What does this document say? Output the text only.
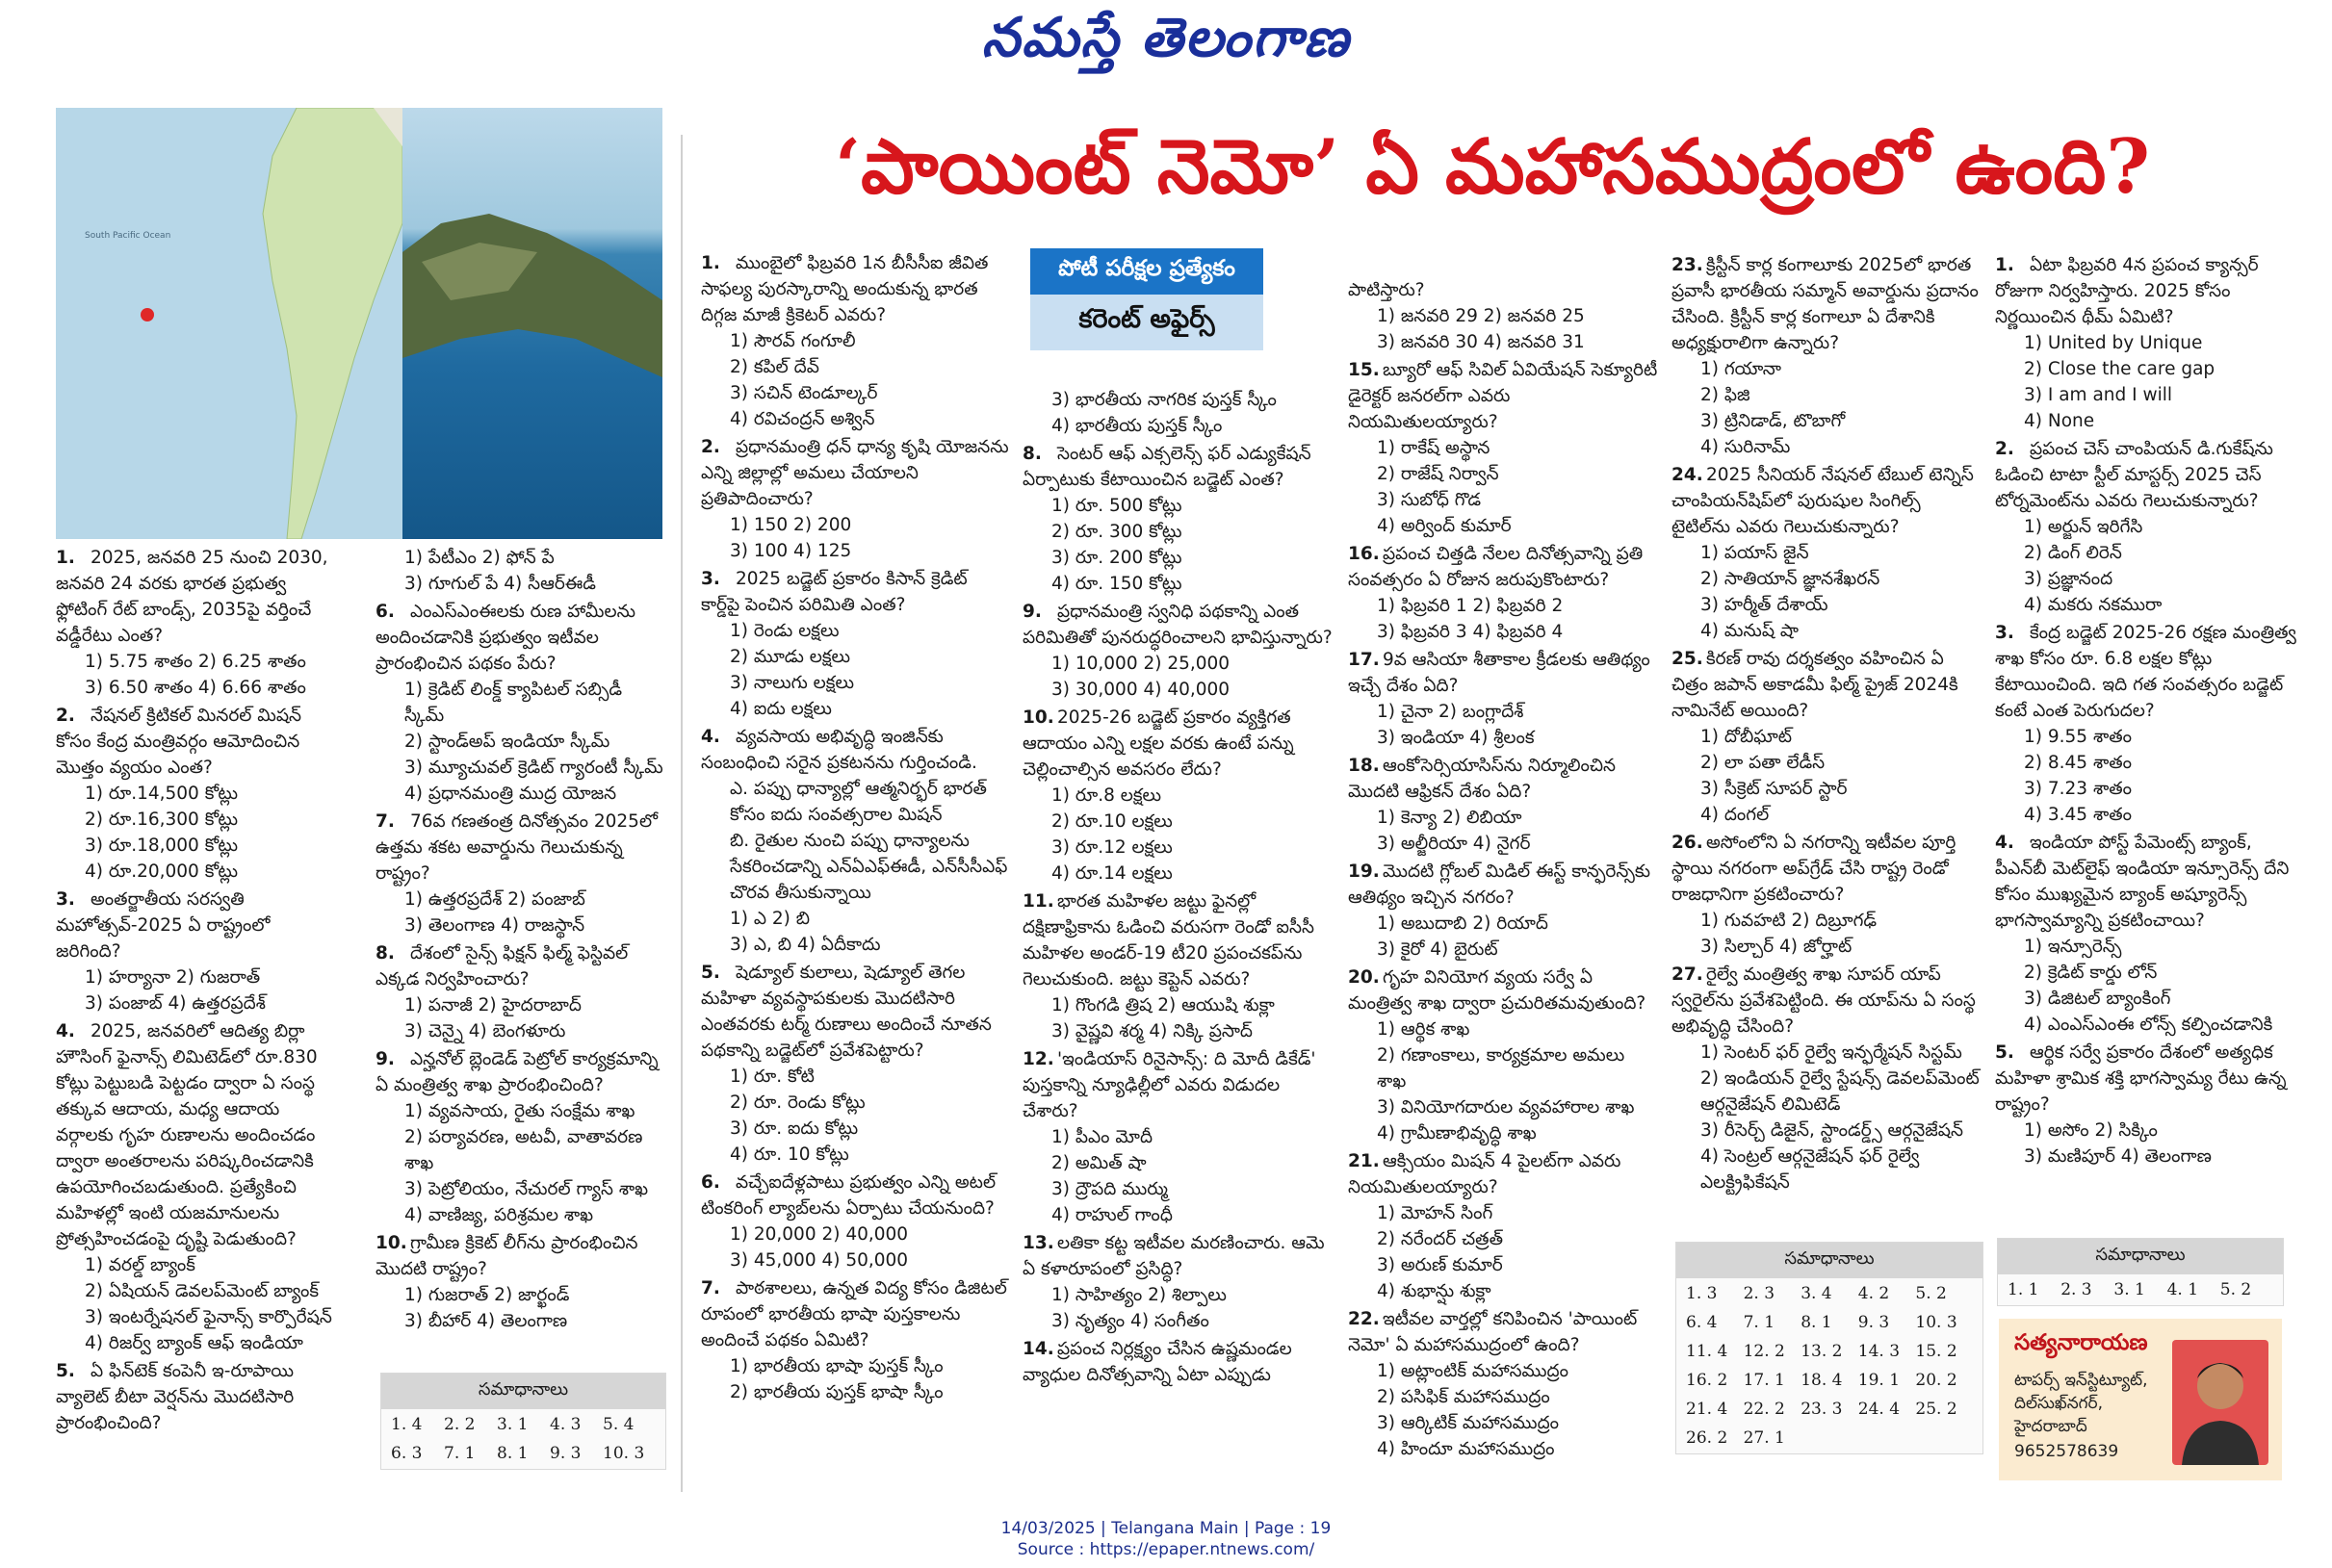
నమస్తే తెలంగాణ
South Pacific Ocean
‘పాయింట్ నెమో’ ఏ మహాసముద్రంలో ఉంది?
పోటీ పరీక్షల ప్రత్యేకం
కరెంట్ అఫైర్స్
1. 2025, జనవరి 25 నుంచి 2030, జనవరి 24 వరకు భారత ప్రభుత్వ ఫ్లోటింగ్ రేట్ బాండ్స్, 2035పై వర్తించే వడ్డీరేటు ఎంత?
1) 5.75 శాతం 2) 6.25 శాతం
3) 6.50 శాతం 4) 6.66 శాతం
2. నేషనల్ క్రిటికల్ మినరల్ మిషన్ కోసం కేంద్ర మంత్రివర్గం ఆమోదించిన మొత్తం వ్యయం ఎంత?
1) రూ.14,500 కోట్లు
2) రూ.16,300 కోట్లు
3) రూ.18,000 కోట్లు
4) రూ.20,000 కోట్లు
3. అంతర్జాతీయ సరస్వతి మహోత్సవ్-2025 ఏ రాష్ట్రంలో జరిగింది?
1) హర్యానా 2) గుజరాత్
3) పంజాబ్ 4) ఉత్తరప్రదేశ్
4. 2025, జనవరిలో ఆదిత్య బిర్లా హౌసింగ్ ఫైనాన్స్ లిమిటెడ్‌లో రూ.830 కోట్లు పెట్టుబడి పెట్టడం ద్వారా ఏ సంస్థ తక్కువ ఆదాయ, మధ్య ఆదాయ వర్గాలకు గృహ రుణాలను అందించడం ద్వారా అంతరాలను పరిష్కరించడానికి ఉపయోగించబడుతుంది. ప్రత్యేకించి మహిళల్లో ఇంటి యజమానులను ప్రోత్సహించడంపై దృష్టి పెడుతుంది?
1) వరల్డ్ బ్యాంక్
2) ఏషియన్ డెవలప్‌మెంట్ బ్యాంక్
3) ఇంటర్నేషనల్ ఫైనాన్స్ కార్పొరేషన్
4) రిజర్వ్ బ్యాంక్ ఆఫ్ ఇండియా
5. ఏ ఫిన్‌టెక్ కంపెనీ ఇ-రూపాయి వ్యాలెట్ బీటా వెర్షన్‌ను మొదటిసారి ప్రారంభించింది?
1) పేటీఎం 2) ఫోన్ పే
3) గూగుల్ పే 4) సీఆర్ఈడీ
6. ఎంఎస్ఎంఈలకు రుణ హామీలను అందించడానికి ప్రభుత్వం ఇటీవల ప్రారంభించిన పథకం పేరు?
1) క్రెడిట్ లింక్డ్ క్యాపిటల్ సబ్సిడీ స్కీమ్
2) స్టాండ్అప్ ఇండియా స్కీమ్
3) మ్యూచువల్ క్రెడిట్ గ్యారంటీ స్కీమ్
4) ప్రధానమంత్రి ముద్ర యోజన
7. 76వ గణతంత్ర దినోత్సవం 2025లో ఉత్తమ శకట అవార్డును గెలుచుకున్న రాష్ట్రం?
1) ఉత్తరప్రదేశ్ 2) పంజాబ్
3) తెలంగాణ 4) రాజస్థాన్
8. దేశంలో సైన్స్ ఫిక్షన్ ఫిల్మ్ ఫెస్టివల్ ఎక్కడ నిర్వహించారు?
1) పనాజీ 2) హైదరాబాద్
3) చెన్నై 4) బెంగళూరు
9. ఎన్హనోల్ బ్లెండెడ్ పెట్రోల్ కార్యక్రమాన్ని ఏ మంత్రిత్వ శాఖ ప్రారంభించింది?
1) వ్యవసాయ, రైతు సంక్షేమ శాఖ
2) పర్యావరణ, అటవీ, వాతావరణ శాఖ
3) పెట్రోలియం, నేచురల్ గ్యాస్ శాఖ
4) వాణిజ్య, పరిశ్రమల శాఖ
10. గ్రామీణ క్రికెట్ లీగ్‌ను ప్రారంభించిన మొదటి రాష్ట్రం?
1) గుజరాత్ 2) జార్ఖండ్
3) బీహార్ 4) తెలంగాణ
1. ముంబైలో ఫిబ్రవరి 1న బీసీసీఐ జీవిత సాఫల్య పురస్కారాన్ని అందుకున్న భారత దిగ్గజ మాజీ క్రికెటర్ ఎవరు?
1) సౌరవ్ గంగూలీ
2) కపిల్ దేవ్
3) సచిన్ టెండూల్కర్
4) రవిచంద్రన్ అశ్విన్
2. ప్రధానమంత్రి ధన్ ధాన్య కృషి యోజనను ఎన్ని జిల్లాల్లో అమలు చేయాలని ప్రతిపాదించారు?
1) 150 2) 200
3) 100 4) 125
3. 2025 బడ్జెట్ ప్రకారం కిసాన్ క్రెడిట్ కార్డ్‌పై పెంచిన పరిమితి ఎంత?
1) రెండు లక్షలు
2) మూడు లక్షలు
3) నాలుగు లక్షలు
4) ఐదు లక్షలు
4. వ్యవసాయ అభివృద్ధి ఇంజిన్‌కు సంబంధించి సరైన ప్రకటనను గుర్తించండి.
ఎ. పప్పు ధాన్యాల్లో ఆత్మనిర్భర్ భారత్ కోసం ఐదు సంవత్సరాల మిషన్
బి. రైతుల నుంచి పప్పు ధాన్యాలను సేకరించడాన్ని ఎన్ఏఎఫ్ఈడీ, ఎన్‌సీసీఎఫ్ చొరవ తీసుకున్నాయి
1) ఎ 2) బి
3) ఎ, బి 4) ఏదీకాదు
5. షెడ్యూల్ కులాలు, షెడ్యూల్ తెగల మహిళా వ్యవస్థాపకులకు మొదటిసారి ఎంతవరకు టర్మ్ రుణాలు అందించే నూతన పథకాన్ని బడ్జెట్‌లో ప్రవేశపెట్టారు?
1) రూ. కోటి
2) రూ. రెండు కోట్లు
3) రూ. ఐదు కోట్లు
4) రూ. 10 కోట్లు
6. వచ్చేఐదేళ్లపాటు ప్రభుత్వం ఎన్ని అటల్ టింకరింగ్ ల్యాబ్‌లను ఏర్పాటు చేయనుంది?
1) 20,000 2) 40,000
3) 45,000 4) 50,000
7. పాఠశాలలు, ఉన్నత విద్య కోసం డిజిటల్ రూపంలో భారతీయ భాషా పుస్తకాలను అందించే పథకం ఏమిటి?
1) భారతీయ భాషా పుస్తక్ స్కీం
2) భారతీయ పుస్తక్ భాషా స్కీం
3) భారతీయ నాగరిక పుస్తక్ స్కీం
4) భారతీయ పుస్తక్ స్కీం
8. సెంటర్ ఆఫ్ ఎక్సలెన్స్ ఫర్ ఎడ్యుకేషన్ ఏర్పాటుకు కేటాయించిన బడ్జెట్ ఎంత?
1) రూ. 500 కోట్లు
2) రూ. 300 కోట్లు
3) రూ. 200 కోట్లు
4) రూ. 150 కోట్లు
9. ప్రధానమంత్రి స్వనిధి పథకాన్ని ఎంత పరిమితితో పునరుద్ధరించాలని భావిస్తున్నారు?
1) 10,000 2) 25,000
3) 30,000 4) 40,000
10. 2025-26 బడ్జెట్ ప్రకారం వ్యక్తిగత ఆదాయం ఎన్ని లక్షల వరకు ఉంటే పన్ను చెల్లించాల్సిన అవసరం లేదు?
1) రూ.8 లక్షలు
2) రూ.10 లక్షలు
3) రూ.12 లక్షలు
4) రూ.14 లక్షలు
11. భారత మహిళల జట్టు ఫైనల్లో దక్షిణాఫ్రికాను ఓడించి వరుసగా రెండో ఐసీసీ మహిళల అండర్-19 టీ20 ప్రపంచకప్‌ను గెలుచుకుంది. జట్టు కెప్టెన్ ఎవరు?
1) గొంగడి త్రిష 2) ఆయుషి శుక్లా
3) వైష్ణవి శర్మ 4) నిక్కి ప్రసాద్
12. 'ఇండియాస్ రినైసాన్స్: ది మోదీ డికేడ్' పుస్తకాన్ని న్యూఢిల్లీలో ఎవరు విడుదల చేశారు?
1) పీఎం మోదీ
2) అమిత్ షా
3) ద్రౌపది ముర్ము
4) రాహుల్ గాంధీ
13. లతికా కట్ట ఇటీవల మరణించారు. ఆమె ఏ కళారూపంలో ప్రసిద్ధి?
1) సాహిత్యం 2) శిల్పాలు
3) నృత్యం 4) సంగీతం
14. ప్రపంచ నిర్లక్ష్యం చేసిన ఉష్ణమండల వ్యాధుల దినోత్సవాన్ని ఏటా ఎప్పుడు
పాటిస్తారు?
1) జనవరి 29 2) జనవరి 25
3) జనవరి 30 4) జనవరి 31
15. బ్యూరో ఆఫ్ సివిల్ ఏవియేషన్ సెక్యూరిటీ డైరెక్టర్ జనరల్‌గా ఎవరు నియమితులయ్యారు?
1) రాకేష్ అస్థాన
2) రాజేష్ నిర్వాన్
3) సుబోధ్ గొడ
4) అర్వింద్ కుమార్
16. ప్రపంచ చిత్తడి నేలల దినోత్సవాన్ని ప్రతి సంవత్సరం ఏ రోజున జరుపుకొంటారు?
1) ఫిబ్రవరి 1 2) ఫిబ్రవరి 2
3) ఫిబ్రవరి 3 4) ఫిబ్రవరి 4
17. 9వ ఆసియా శీతాకాల క్రీడలకు ఆతిథ్యం ఇచ్చే దేశం ఏది?
1) చైనా 2) బంగ్లాదేశ్
3) ఇండియా 4) శ్రీలంక
18. ఆంకోసెర్సియాసిస్‌ను నిర్మూలించిన మొదటి ఆఫ్రికన్ దేశం ఏది?
1) కెన్యా 2) లిబియా
3) అల్జీరియా 4) నైగర్
19. మొదటి గ్లోబల్ మిడిల్ ఈస్ట్ కాన్ఫరెన్స్‌కు ఆతిథ్యం ఇచ్చిన నగరం?
1) అబుదాబి 2) రియాద్
3) కైరో 4) బైరుట్
20. గృహ వినియోగ వ్యయ సర్వే ఏ మంత్రిత్వ శాఖ ద్వారా ప్రచురితమవుతుంది?
1) ఆర్థిక శాఖ
2) గణాంకాలు, కార్యక్రమాల అమలు శాఖ
3) వినియోగదారుల వ్యవహారాల శాఖ
4) గ్రామీణాభివృద్ధి శాఖ
21. ఆక్సియం మిషన్ 4 పైలట్‌గా ఎవరు నియమితులయ్యారు?
1) మోహన్ సింగ్
2) నరేందర్ చత్రత్
3) అరుణ్ కుమార్
4) శుభాన్షు శుక్లా
22. ఇటీవల వార్తల్లో కనిపించిన 'పాయింట్ నెమో' ఏ మహాసముద్రంలో ఉంది?
1) అట్లాంటిక్ మహాసముద్రం
2) పసిఫిక్ మహాసముద్రం
3) ఆర్కిటిక్ మహాసముద్రం
4) హిందూ మహాసముద్రం
23. క్రిస్టీన్ కార్ల కంగాలూకు 2025లో భారత ప్రవాసీ భారతీయ సమ్మాన్ అవార్డును ప్రదానం చేసింది. క్రిస్టీన్ కార్ల కంగాలూ ఏ దేశానికి అధ్యక్షురాలిగా ఉన్నారు?
1) గయానా
2) ఫిజి
3) ట్రినిడాడ్, టొబాగో
4) సురినామ్
24. 2025 సీనియర్ నేషనల్ టేబుల్ టెన్నిస్ చాంపియన్‌షిప్‌లో పురుషుల సింగిల్స్ టైటిల్‌ను ఎవరు గెలుచుకున్నారు?
1) పయాస్ జైన్
2) సాతియాన్ జ్ఞానశేఖరన్
3) హర్మీత్ దేశాయ్
4) మనుష్ షా
25. కిరణ్ రావు దర్శకత్వం వహించిన ఏ చిత్రం జపాన్ అకాడమీ ఫిల్మ్ ప్రైజ్ 2024కి నామినేట్ అయింది?
1) దోబీఘాట్
2) లా పతా లేడీస్
3) సీక్రెట్ సూపర్ స్టార్
4) దంగల్
26. అసోంలోని ఏ నగరాన్ని ఇటీవల పూర్తి స్థాయి నగరంగా అప్‌గ్రేడ్ చేసి రాష్ట్ర రెండో రాజధానిగా ప్రకటించారు?
1) గువహటి 2) దిబ్రూగఢ్
3) సిల్చార్ 4) జోర్హాట్
27. రైల్వే మంత్రిత్వ శాఖ సూపర్ యాప్ స్వరైల్‌ను ప్రవేశపెట్టింది. ఈ యాప్‌ను ఏ సంస్థ అభివృద్ధి చేసింది?
1) సెంటర్ ఫర్ రైల్వే ఇన్ఫర్మేషన్ సిస్టమ్
2) ఇండియన్ రైల్వే స్టేషన్స్ డెవలప్‌మెంట్ ఆర్గనైజేషన్ లిమిటెడ్
3) రీసెర్చ్ డిజైన్, స్టాండర్డ్స్ ఆర్గనైజేషన్
4) సెంట్రల్ ఆర్గనైజేషన్ ఫర్ రైల్వే ఎలక్ట్రిఫికేషన్
1. ఏటా ఫిబ్రవరి 4న ప్రపంచ క్యాన్సర్ రోజుగా నిర్వహిస్తారు. 2025 కోసం నిర్ణయించిన థీమ్ ఏమిటి?
1) United by Unique
2) Close the care gap
3) I am and I will
4) None
2. ప్రపంచ చెస్ చాంపియన్ డి.గుకేష్‌ను ఓడించి టాటా స్టీల్ మాస్టర్స్ 2025 చెస్ టోర్నమెంట్‌ను ఎవరు గెలుచుకున్నారు?
1) అర్జున్ ఇరిగేసి
2) డింగ్ లిరెన్
3) ప్రజ్ఞానంద
4) మకరు నకమురా
3. కేంద్ర బడ్జెట్ 2025-26 రక్షణ మంత్రిత్వ శాఖ కోసం రూ. 6.8 లక్షల కోట్లు కేటాయించింది. ఇది గత సంవత్సరం బడ్జెట్ కంటే ఎంత పెరుగుదల?
1) 9.55 శాతం
2) 8.45 శాతం
3) 7.23 శాతం
4) 3.45 శాతం
4. ఇండియా పోస్ట్ పేమెంట్స్ బ్యాంక్, పీఎన్‌బీ మెట్‌లైఫ్ ఇండియా ఇన్సూరెన్స్ దేని కోసం ముఖ్యమైన బ్యాంక్ అష్యూరెన్స్ భాగస్వామ్యాన్ని ప్రకటించాయి?
1) ఇన్సూరెన్స్
2) క్రెడిట్ కార్డు లోన్
3) డిజిటల్ బ్యాంకింగ్
4) ఎంఎస్ఎంఈ లోన్స్ కల్పించడానికి
5. ఆర్థిక సర్వే ప్రకారం దేశంలో అత్యధిక మహిళా శ్రామిక శక్తి భాగస్వామ్య రేటు ఉన్న రాష్ట్రం?
1) అసోం 2) సిక్కిం
3) మణిపూర్ 4) తెలంగాణ
సమాధానాలు
1. 4	2. 2	3. 1	4. 3	5. 4
6. 3	7. 1	8. 1	9. 3	10. 3
సమాధానాలు
1. 3	2. 3	3. 4	4. 2	5. 2
6. 4	7. 1	8. 1	9. 3	10. 3
11. 4 12. 2 13. 2 14. 3 15. 2
16. 2 17. 1 18. 4 19. 1 20. 2
21. 4 22. 2 23. 3 24. 4 25. 2
26. 2 27. 1
సమాధానాలు
1. 1	2. 3	3. 1	4. 1	5. 2
సత్యనారాయణ
టాపర్స్ ఇన్‌స్టిట్యూట్,
దిల్‌సుఖ్‌నగర్,
హైదరాబాద్
9652578639
14/03/2025 | Telangana Main | Page : 19
Source : https://epaper.ntnews.com/
